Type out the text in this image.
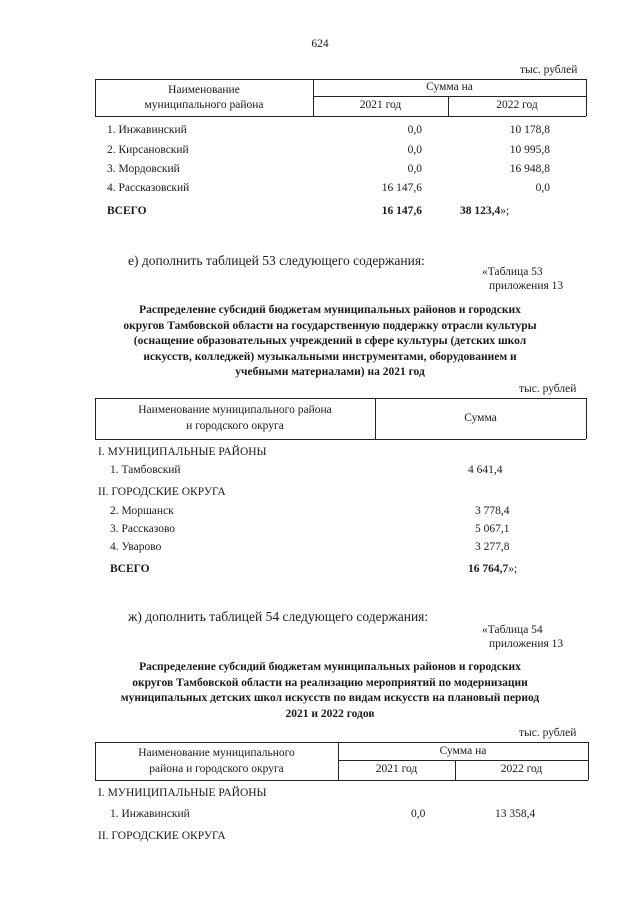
624
тыс. рублей
Наименование
муниципального района
Сумма на
2021 год	2022 год
1. Инжавинский	0,0	10 178,8
2. Кирсановский	0,0	10 995,8
3. Мордовский	0,0	16 948,8
4. Рассказовский	16 147,6	0,0
ВСЕГО	16 147,6	38 123,4»;
е) дополнить таблицей 53 следующего содержания:
«Таблица 53
приложения 13
Распределение субсидий бюджетам муниципальных районов и городских
округов Тамбовской области на государственную поддержку отрасли культуры
(оснащение образовательных учреждений в сфере культуры (детских школ
искусств, колледжей) музыкальными инструментами, оборудованием и
учебными материалами) на 2021 год
тыс. рублей
Наименование муниципального района
и городского округа
Сумма
I. МУНИЦИПАЛЬНЫЕ РАЙОНЫ
1. Тамбовский	4 641,4
II. ГОРОДСКИЕ ОКРУГА
2. Моршанск	3 778,4
3. Рассказово	5 067,1
4. Уварово	3 277,8
ВСЕГО	16 764,7»;
ж) дополнить таблицей 54 следующего содержания:
«Таблица 54
приложения 13
Распределение субсидий бюджетам муниципальных районов и городских
округов Тамбовской области на реализацию мероприятий по модернизации
муниципальных детских школ искусств по видам искусств на плановый период
2021 и 2022 годов
тыс. рублей
Наименование муниципального
района и городского округа
Сумма на
2021 год	2022 год
I. МУНИЦИПАЛЬНЫЕ РАЙОНЫ
1. Инжавинский	0,0	13 358,4
II. ГОРОДСКИЕ ОКРУГА
